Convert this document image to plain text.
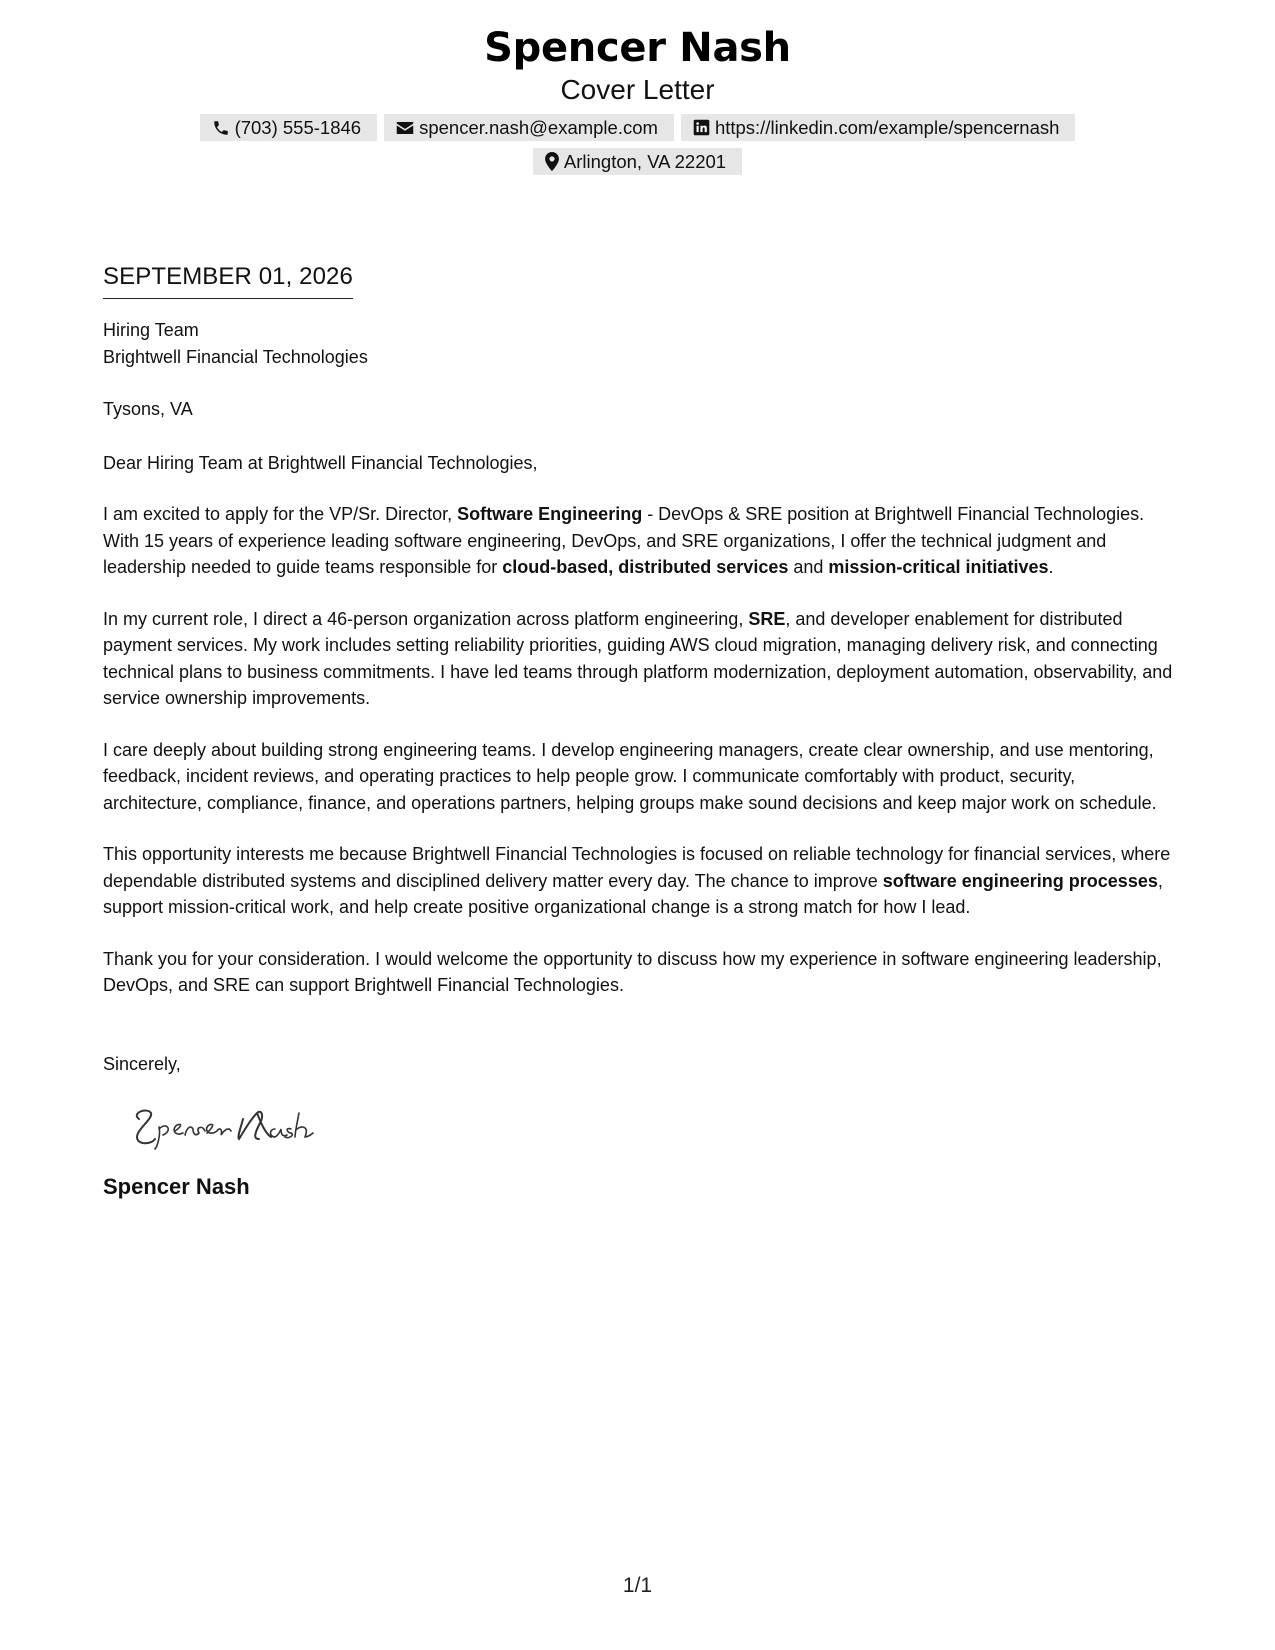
Spencer Nash
Cover Letter
(703) 555-1846	spencer.nash@example.com	https://linkedin.com/example/spencernash
Arlington, VA 22201
SEPTEMBER 01, 2026
Hiring Team
Brightwell Financial Technologies
Tysons, VA
Dear Hiring Team at Brightwell Financial Technologies,

I am excited to apply for the VP/Sr. Director, Software Engineering - DevOps & SRE position at Brightwell Financial Technologies. With 15 years of experience leading software engineering, DevOps, and SRE organizations, I offer the technical judgment and leadership needed to guide teams responsible for cloud-based, distributed services and mission-critical initiatives.

In my current role, I direct a 46-person organization across platform engineering, SRE, and developer enablement for distributed payment services. My work includes setting reliability priorities, guiding AWS cloud migration, managing delivery risk, and connecting technical plans to business commitments. I have led teams through platform modernization, deployment automation, observability, and service ownership improvements.

I care deeply about building strong engineering teams. I develop engineering managers, create clear ownership, and use mentoring, feedback, incident reviews, and operating practices to help people grow. I communicate comfortably with product, security, architecture, compliance, finance, and operations partners, helping groups make sound decisions and keep major work on schedule.

This opportunity interests me because Brightwell Financial Technologies is focused on reliable technology for financial services, where dependable distributed systems and disciplined delivery matter every day. The chance to improve software engineering processes, support mission-critical work, and help create positive organizational change is a strong match for how I lead.

Thank you for your consideration. I would welcome the opportunity to discuss how my experience in software engineering leadership, DevOps, and SRE can support Brightwell Financial Technologies.

Sincerely,
Spencer Nash
1/1
